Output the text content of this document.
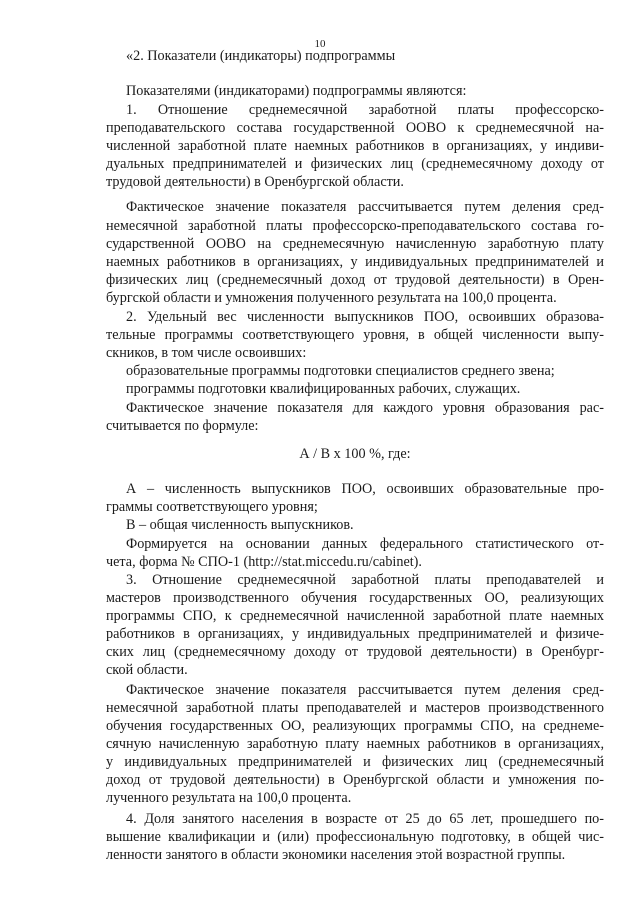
10
«2. Показатели (индикаторы) подпрограммы
Показателями (индикаторами) подпрограммы являются:
1. Отношение среднемесячной заработной платы профессорско-
преподавательского состава государственной ООВО к среднемесячной на-
численной заработной плате наемных работников в организациях, у индиви-
дуальных предпринимателей и физических лиц (среднемесячному доходу от
трудовой деятельности) в Оренбургской области.
Фактическое значение показателя рассчитывается путем деления сред-
немесячной заработной платы профессорско-преподавательского состава го-
сударственной ООВО на среднемесячную начисленную заработную плату
наемных работников в организациях, у индивидуальных предпринимателей и
физических лиц (среднемесячный доход от трудовой деятельности) в Орен-
бургской области и умножения полученного результата на 100,0 процента.
2. Удельный вес численности выпускников ПОО, освоивших образова-
тельные программы соответствующего уровня, в общей численности выпу-
скников, в том числе освоивших:
образовательные программы подготовки специалистов среднего звена;
программы подготовки квалифицированных рабочих, служащих.
Фактическое значение показателя для каждого уровня образования рас-
считывается по формуле:
А / В х 100 %, где:
А – численность выпускников ПОО, освоивших образовательные про-
граммы соответствующего уровня;
В – общая численность выпускников.
Формируется на основании данных федерального статистического от-
чета, форма № СПО-1 (http://stat.miccedu.ru/cabinet).
3. Отношение среднемесячной заработной платы преподавателей и
мастеров производственного обучения государственных ОО, реализующих
программы СПО, к среднемесячной начисленной заработной плате наемных
работников в организациях, у индивидуальных предпринимателей и физиче-
ских лиц (среднемесячному доходу от трудовой деятельности) в Оренбург-
ской области.
Фактическое значение показателя рассчитывается путем деления сред-
немесячной заработной платы преподавателей и мастеров производственного
обучения государственных ОО, реализующих программы СПО, на среднеме-
сячную начисленную заработную плату наемных работников в организациях,
у индивидуальных предпринимателей и физических лиц (среднемесячный
доход от трудовой деятельности) в Оренбургской области и умножения по-
лученного результата на 100,0 процента.
4. Доля занятого населения в возрасте от 25 до 65 лет, прошедшего по-
вышение квалификации и (или) профессиональную подготовку, в общей чис-
ленности занятого в области экономики населения этой возрастной группы.
